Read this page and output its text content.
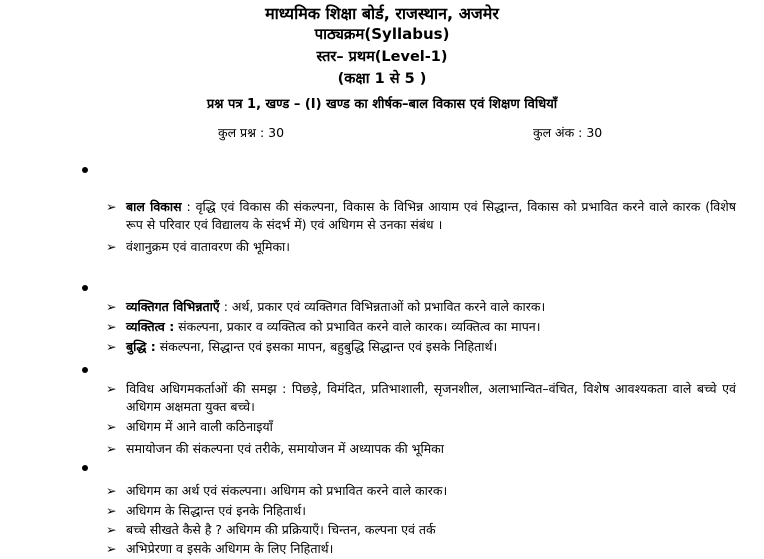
माध्यमिक शिक्षा बोर्ड, राजस्थान, अजमेर
पाठ्यक्रम(Syllabus)
स्तर– प्रथम(Level-1)
(कक्षा 1 से 5 )
प्रश्न पत्र 1, खण्ड – (I) खण्ड का शीर्षक–बाल विकास एवं शिक्षण विधियाँ
कुल प्रश्न : 30	कुल अंक : 30
➢ बाल विकास : वृद्धि एवं विकास की संकल्पना, विकास के विभिन्न आयाम एवं सिद्धान्त, विकास को प्रभावित करने वाले कारक (विशेष रूप से परिवार एवं विद्यालय के संदर्भ में) एवं अधिगम से उनका संबंध ।
➢ वंशानुक्रम एवं वातावरण की भूमिका।
➢ व्यक्तिगत विभिन्नताएँ : अर्थ, प्रकार एवं व्यक्तिगत विभिन्नताओं को प्रभावित करने वाले कारक।
➢ व्यक्तित्व : संकल्पना, प्रकार व व्यक्तित्व को प्रभावित करने वाले कारक। व्यक्तित्व का मापन।
➢ बुद्धि : संकल्पना, सिद्धान्त एवं इसका मापन, बहुबुद्धि सिद्धान्त एवं इसके निहितार्थ।
➢ विविध अधिगमकर्ताओं की समझ : पिछड़े, विमंदित, प्रतिभाशाली, सृजनशील, अलाभान्वित–वंचित, विशेष आवश्यकता वाले बच्चे एवं अधिगम अक्षमता युक्त बच्चे।
➢ अधिगम में आने वाली कठिनाइयाँ
➢ समायोजन की संकल्पना एवं तरीके, समायोजन में अध्यापक की भूमिका
➢ अधिगम का अर्थ एवं संकल्पना। अधिगम को प्रभावित करने वाले कारक।
➢ अधिगम के सिद्धान्त एवं इनके निहितार्थ।
➢ बच्चे सीखते कैसे है ? अधिगम की प्रक्रियाएँ। चिन्तन, कल्पना एवं तर्क
➢ अभिप्रेरणा व इसके अधिगम के लिए निहितार्थ।
